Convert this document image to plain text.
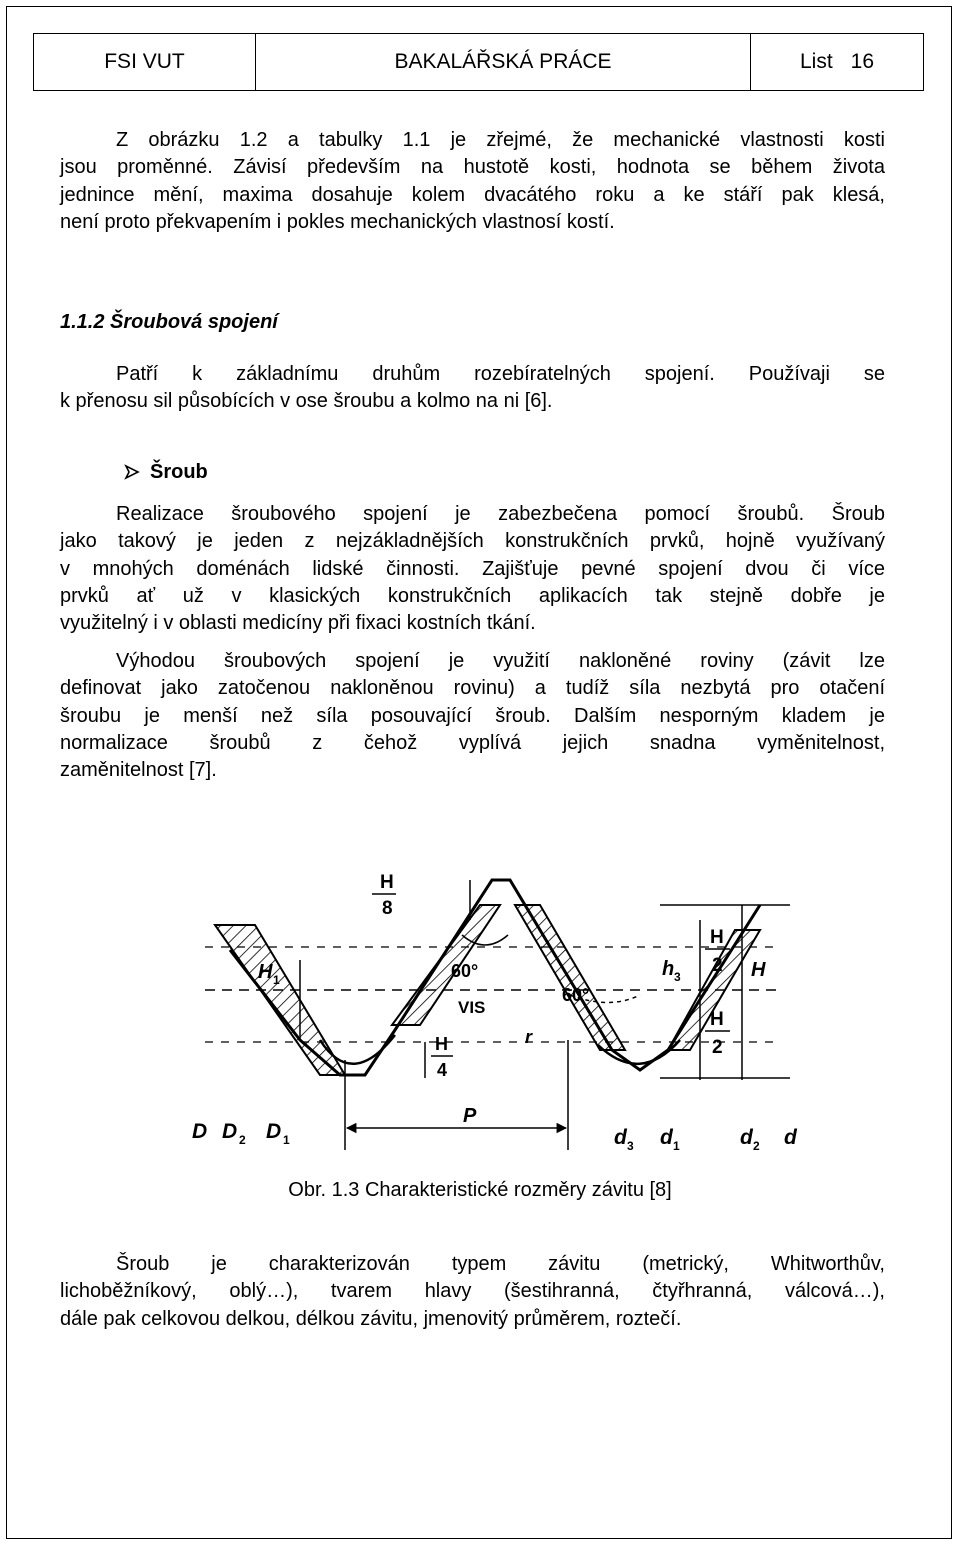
FSI VUT	BAKALÁŘSKÁ PRÁCE	List 16
Z obrázku 1.2 a tabulky 1.1 je zřejmé, že mechanické vlastnosti kosti
jsou proměnné. Závisí především na hustotě kosti, hodnota se během života
jednince mění, maxima dosahuje kolem dvacátého roku a ke stáří pak klesá,
není proto překvapením i pokles mechanických vlastnosí kostí.
1.1.2 Šroubová spojení
Patří k základnímu druhům rozebíratelných spojení. Používaji se
k přenosu sil působících v ose šroubu a kolmo na ni [6].
Šroub
Realizace šroubového spojení je zabezbečena pomocí šroubů. Šroub
jako takový je jeden z nejzákladnějších konstrukčních prvků, hojně využívaný
v mnohých doménách lidské činnosti. Zajišťuje pevné spojení dvou či více
prvků ať už v klasických konstrukčních aplikacích tak stejně dobře je
využitelný i v oblasti medicíny při fixaci kostních tkání.
Výhodou šroubových spojení je využití nakloněné roviny (závit lze
definovat jako zatočenou nakloněnou rovinu) a tudíž síla nezbytá pro otačení
šroubu je menší než síla posouvající šroub. Dalším nesporným kladem je
normalizace šroubů z čehož vyplívá jejich snadna vyměnitelnost,
zaměnitelnost [7].
H
8
H
2
H
2
H
4
H 1	h 3	H
60°
60°
VIS
r
P
D D 2 D 1	d 3 d 1	d 2 d
Obr. 1.3 Charakteristické rozměry závitu [8]
Šroub je charakterizován typem závitu (metrický, Whitworthův,
lichoběžníkový, oblý…), tvarem hlavy (šestihranná, čtyřhranná, válcová…),
dále pak celkovou delkou, délkou závitu, jmenovitý průměrem, roztečí.
